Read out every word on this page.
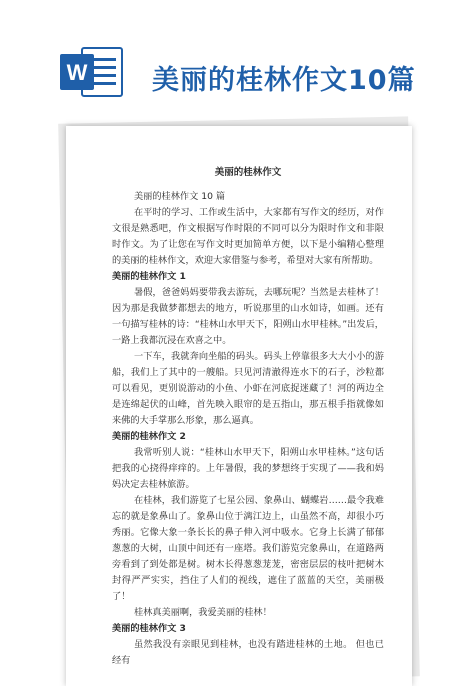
W 美丽的桂林作文10篇
美丽的桂林作文
美丽的桂林作文 10 篇

在平时的学习、工作或生活中，大家都有写作文的经历，对作文很是熟悉吧，作文根据写作时限的不同可以分为限时作文和非限时作文。为了让您在写作文时更加简单方便，以下是小编精心整理的美丽的桂林作文，欢迎大家借鉴与参考，希望对大家有所帮助。

美丽的桂林作文 1

暑假，爸爸妈妈要带我去游玩，去哪玩呢？当然是去桂林了！因为那是我做梦都想去的地方，听说那里的山水如诗，如画。还有一句描写桂林的诗：“桂林山水甲天下，阳朔山水甲桂林。”出发后，一路上我都沉浸在欢喜之中。

一下车，我就奔向坐船的码头。码头上停靠很多大大小小的游船，我们上了其中的一艘船。只见河清澈得连水下的石子，沙粒都可以看见，更别说游动的小鱼、小虾在河底捉迷藏了！河的两边全是连绵起伏的山峰，首先映入眼帘的是五指山，那五根手指就像如来佛的大手掌那么形象，那么逼真。

美丽的桂林作文 2

我常听别人说：“桂林山水甲天下，阳朔山水甲桂林。”这句话把我的心挠得痒痒的。上年暑假，我的梦想终于实现了——我和妈妈决定去桂林旅游。

在桂林，我们游览了七星公园、象鼻山、蝴蝶岩……最令我难忘的就是象鼻山了。象鼻山位于漓江边上，山虽然不高，却很小巧秀丽。它像大象一条长长的鼻子伸入河中吸水。它身上长满了郁郁葱葱的大树，山顶中间还有一座塔。我们游览完象鼻山，在道路两旁看到了到处都是树。树木长得葱葱茏茏，密密层层的枝叶把树木封得严严实实，挡住了人们的视线，遮住了蓝蓝的天空，美丽极了！

桂林真美丽啊，我爱美丽的桂林！

美丽的桂林作文 3

虽然我没有亲眼见到桂林，也没有踏进桂林的土地。 但也已经有
